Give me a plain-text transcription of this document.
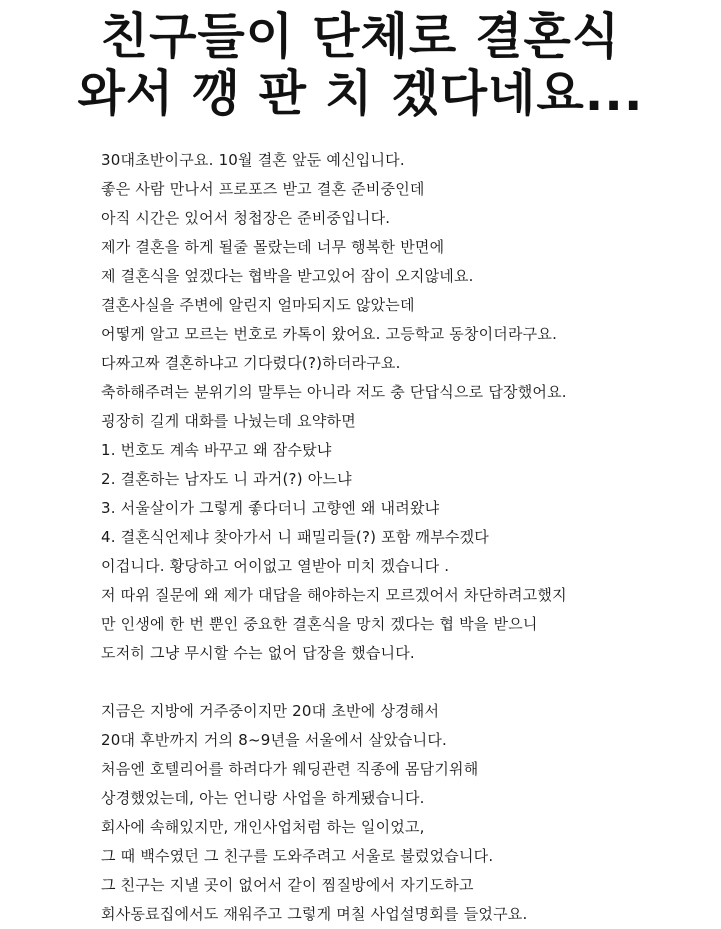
친구들이 단체로 결혼식
와서 깽 판 치 겠다네요...
30대초반이구요. 10월 결혼 앞둔 예신입니다.
좋은 사람 만나서 프로포즈 받고 결혼 준비중인데
아직 시간은 있어서 청첩장은 준비중입니다.
제가 결혼을 하게 될줄 몰랐는데 너무 행복한 반면에
제 결혼식을 엎겠다는 협박을 받고있어 잠이 오지않네요.
결혼사실을 주변에 알린지 얼마되지도 않았는데
어떻게 알고 모르는 번호로 카톡이 왔어요. 고등학교 동창이더라구요.
다짜고짜 결혼하냐고 기다렸다(?)하더라구요.
축하해주려는 분위기의 말투는 아니라 저도 충 단답식으로 답장했어요.
굉장히 길게 대화를 나눴는데 요약하면
1. 번호도 계속 바꾸고 왜 잠수탔냐
2. 결혼하는 남자도 니 과거(?) 아느냐
3. 서울살이가 그렇게 좋다더니 고향엔 왜 내려왔냐
4. 결혼식언제냐 찾아가서 니 패밀리들(?) 포함 깨부수겠다
이겁니다. 황당하고 어이없고 열받아 미치 겠습니다 .
저 따위 질문에 왜 제가 대답을 해야하는지 모르겠어서 차단하려고했지
만 인생에 한 번 뿐인 중요한 결혼식을 망치 겠다는 협 박을 받으니
도저히 그냥 무시할 수는 없어 답장을 했습니다.
지금은 지방에 거주중이지만 20대 초반에 상경해서
20대 후반까지 거의 8~9년을 서울에서 살았습니다.
처음엔 호텔리어를 하려다가 웨딩관련 직종에 몸담기위해
상경했었는데, 아는 언니랑 사업을 하게됐습니다.
회사에 속해있지만, 개인사업처럼 하는 일이었고,
그 때 백수였던 그 친구를 도와주려고 서울로 불렀었습니다.
그 친구는 지낼 곳이 없어서 같이 찜질방에서 자기도하고
회사동료집에서도 재워주고 그렇게 며칠 사업설명회를 들었구요.
